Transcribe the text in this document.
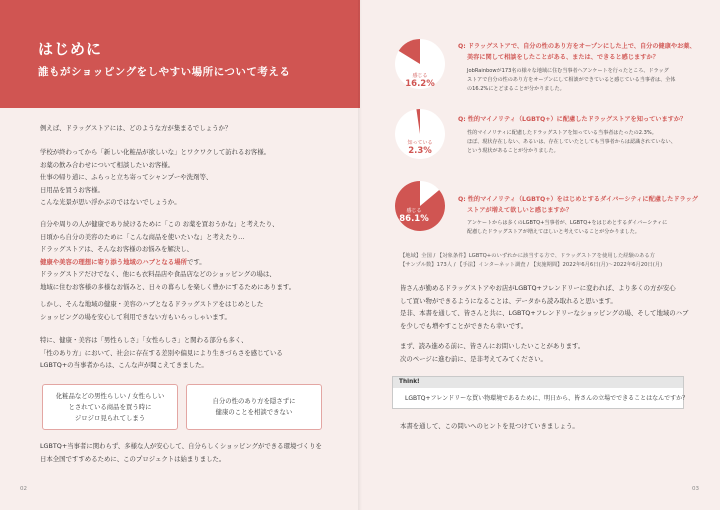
はじめに
誰もがショッピングをしやすい場所について考える

例えば、ドラッグストアには、どのような方が集まるでしょうか？

学校が終わってから「新しい化粧品が欲しいな」とワクワクして訪れるお客様。

お薬の飲み合わせについて相談したいお客様。

仕事の帰り道に、ふらっと立ち寄ってシャンプーや洗剤等、

日用品を買うお客様。

こんな光景が思い浮かぶのではないでしょうか。

自分や周りの人が健康であり続けるために「この お薬を買おうかな」と考えたり、

日頃から自分の美容のために「こんな商品を使いたいな」と考えたり…

ドラッグストアは、そんなお客様のお悩みを解決し、

健康や美容の理想に寄り添う地域のハブとなる場所です。

ドラッグストアだけでなく、他にも衣料品店や食品店などのショッピングの場は、

地域に住むお客様の多様なお悩みと、日々の暮らしを楽しく豊かにするためにあります。

しかし、そんな地域の健康・美容のハブとなるドラッグストアをはじめとした

ショッピングの場を安心して利用できない方もいらっしゃいます。

特に、健康・美容は「男性らしさ」「女性らしさ」と関わる部分も多く、

「性のあり方」において、社会に存在する差別や偏見により生きづらさを感じている

LGBTQ+の当事者からは、こんな声が聞こえてきました。

化粧品などの男性らしい / 女性らしい
とされている商品を買う時に
ジロジロ見られてしまう
自分の性のあり方を隠さずに
健康のことを相談できない

LGBTQ+当事者に関わらず、多様な人が安心して、自分らしくショッピングができる環境づくりを

日本全国ですすめるために、このプロジェクトは始まりました。

02
感じる
16.2%
Q: ドラッグストアで、自分の性のあり方をオープンにした上で、自分の健康やお薬、
美容に関して相談をしたことがある、または、できると感じますか？
JobRainbowが173名の様々な地域に住む当事者へアンケートを行ったところ、ドラッグ
ストアで自分の性のあり方をオープンにして相談ができていると感じている当事者は、全体
の16.2%にとどまることが分かりました。
知っている
2.3%
Q: 性的マイノリティ（LGBTQ+）に配慮したドラッグストアを知っていますか？
性的マイノリティに配慮したドラッグストアを知っている当事者はたったの2.3%。
ほぼ、現状存在しない、あるいは、存在していたとしても当事者からは認識されていない、
という現状があることが分かりました。
感じる
86.1%
Q: 性的マイノリティ（LGBTQ+）をはじめとするダイバーシティに配慮したドラッグ
ストアが増えて欲しいと感じますか？
アンケートからは多くのLGBTQ+当事者が、LGBTQ+をはじめとするダイバーシティに
配慮したドラッグストアが増えてほしいと考えていることが分かりました。
【地域】全国 / 【対象条件】LGBTQ+のいずれかに該当する方で、ドラッグストアを使用した経験のある方
【サンプル数】173人 / 【手法】インターネット調査 / 【実施期間】2022年6月6日(月)〜2022年6月20日(月)

皆さんが勤めるドラッグストアやお店がLGBTQ+フレンドリーに変われば、より多くの方が安心

して買い物ができるようになることは、データから読み取れると思います。

是非、本書を通して、皆さんと共に、LGBTQ+フレンドリーなショッピングの場、そして地域のハブ

を少しでも増やすことができたら幸いです。

まず、読み進める前に、皆さんにお問いしたいことがあります。

次のページに進む前に、是非考えてみてください。

本書を通して、この問いへのヒントを見つけていきましょう。

03
Think!
LGBTQ+フレンドリーな買い物環境であるために、明日から、皆さんの立場でできることはなんですか？
